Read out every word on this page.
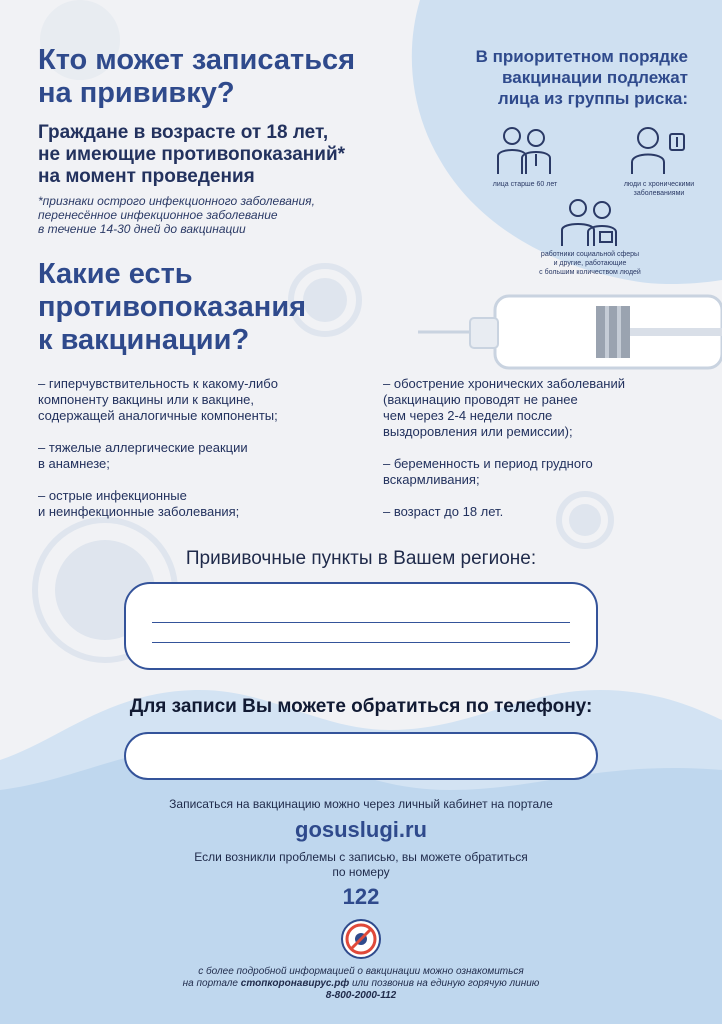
Кто может записаться
на прививку?
Граждане в возрасте от 18 лет,
не имеющие противопоказаний*
на момент проведения
*признаки острого инфекционного заболевания,
перенесённое инфекционное заболевание
в течение 14-30 дней до вакцинации
В приоритетном порядке
вакцинации подлежат
лица из группы риска:
лица старше 60 лет	люди с хроническими
заболеваниями
работники социальной сферы
и другие, работающие
с большим количеством людей
Какие есть
противопоказания
к вакцинации?

– гиперчувствительность к какому-либо
компоненту вакцины или к вакцине,
содержащей аналогичные компоненты;

– тяжелые аллергические реакции
в анамнезе;

– острые инфекционные
и неинфекционные заболевания;

– обострение хронических заболеваний
(вакцинацию проводят не ранее
чем через 2-4 недели после
выздоровления или ремиссии);

– беременность и период грудного
вскармливания;

– возраст до 18 лет.

Прививочные пункты в Вашем регионе:
Для записи Вы можете обратиться по телефону:
Записаться на вакцинацию можно через личный кабинет на портале
gosuslugi.ru
Если возникли проблемы с записью, вы можете обратиться
по номеру
122
с более подробной информацией о вакцинации можно ознакомиться
на портале стопкоронавирус.рф или позвонив на единую горячую линию
8-800-2000-112
